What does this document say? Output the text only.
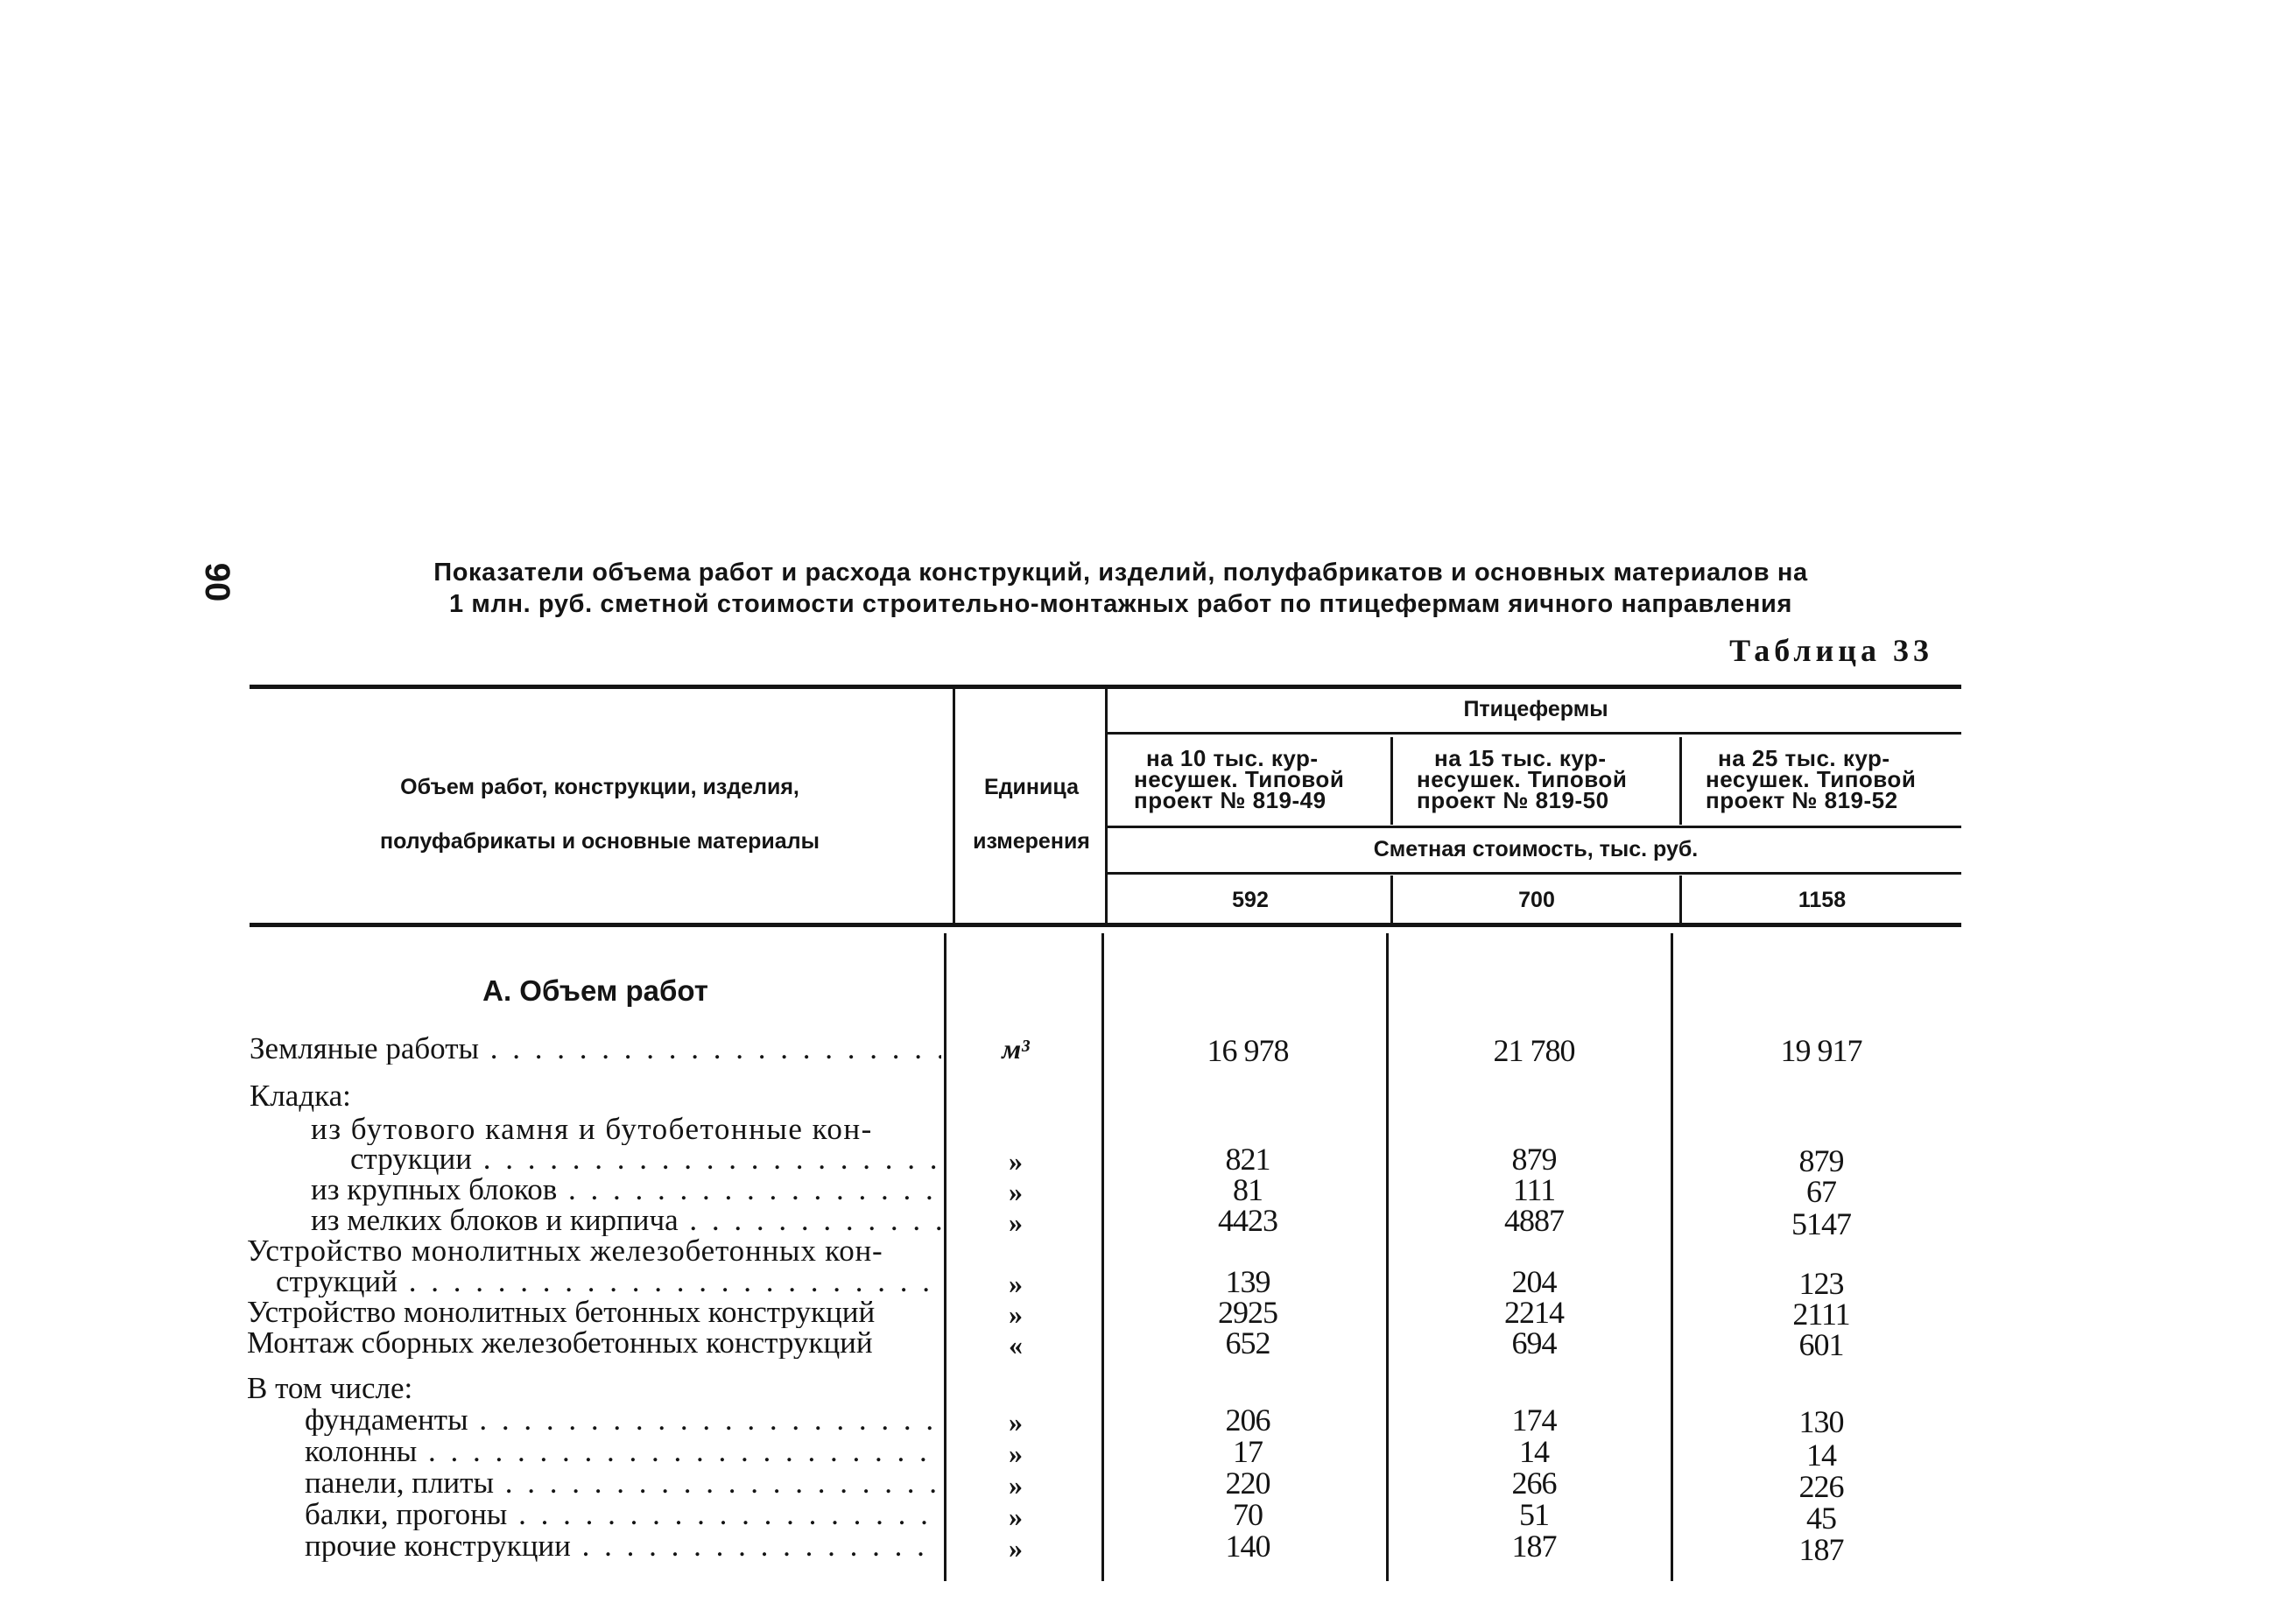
90	Показатели объема работ и расхода конструкций, изделий, полуфабрикатов и основных материалов на
1 млн. руб. сметной стоимости строительно-монтажных работ по птицефермам яичного направления
Таблица 33
Объем работ, конструкции, изделия,
полуфабрикаты и основные материалы
Единица
измерения
Птицефермы
на 10 тыс. кур-
несушек. Типовой
проект № 819-49
на 15 тыс. кур-
несушек. Типовой
проект № 819-50
на 25 тыс. кур-
несушек. Типовой
проект № 819-52
Сметная стоимость, тыс. руб.
592	700	1158
А. Объем работ
Земляные работы . . .	м³	16 978	21 780	19 917
Кладка:
из бутового камня и бутобетонные кон-
струкции . . .	»	821	879	879
из крупных блоков . . .	»	81	111	67
из мелких блоков и кирпича . . .	»	4423	4887	5147
Устройство монолитных железобетонных кон-
струкций . . .	»	139	204	123
Устройство монолитных бетонных конструкций	»	2925	2214	2111
Монтаж сборных железобетонных конструкций	«	652	694	601
В том числе:
фундаменты . . .	»	206	174	130
колонны . . .	»	17	14	14
панели, плиты . . .	»	220	266	226
балки, прогоны . . .	»	70	51	45
прочие конструкции . . .	»	140	187	187
